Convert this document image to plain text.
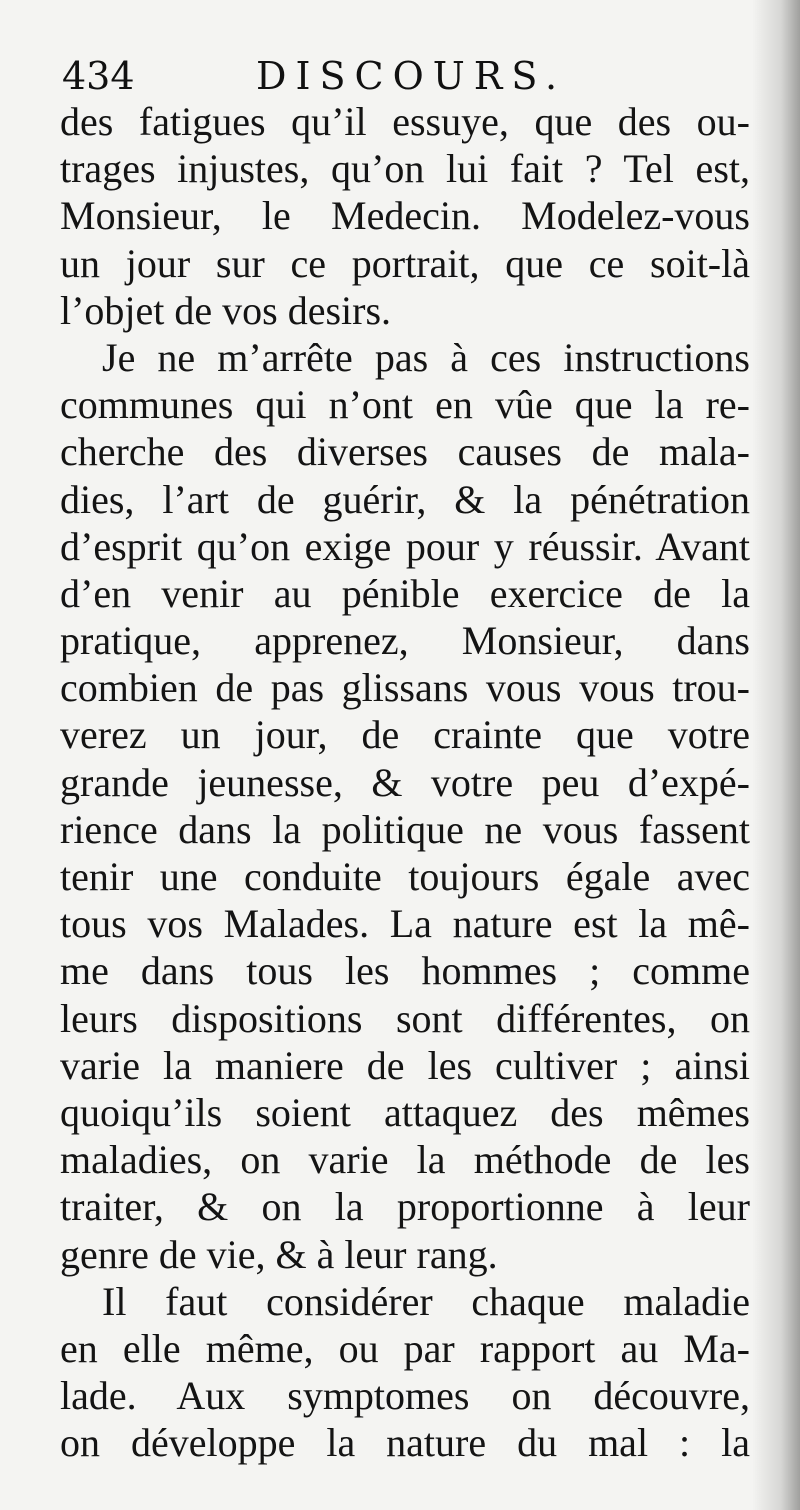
434	DISCOURS.
des fatigues qu’il essuye, que des ou-
trages injustes, qu’on lui fait ? Tel est,
Monsieur, le Medecin. Modelez-vous
un jour sur ce portrait, que ce soit-là
l’objet de vos desirs.
Je ne m’arrête pas à ces instructions
communes qui n’ont en vûe que la re-
cherche des diverses causes de mala-
dies, l’art de guérir, & la pénétration
d’esprit qu’on exige pour y réussir. Avant
d’en venir au pénible exercice de la
pratique, apprenez, Monsieur, dans
combien de pas glissans vous vous trou-
verez un jour, de crainte que votre
grande jeunesse, & votre peu d’expé-
rience dans la politique ne vous fassent
tenir une conduite toujours égale avec
tous vos Malades. La nature est la mê-
me dans tous les hommes ; comme
leurs dispositions sont différentes, on
varie la maniere de les cultiver ; ainsi
quoiqu’ils soient attaquez des mêmes
maladies, on varie la méthode de les
traiter, & on la proportionne à leur
genre de vie, & à leur rang.
Il faut considérer chaque maladie
en elle même, ou par rapport au Ma-
lade. Aux symptomes on découvre,
on développe la nature du mal : la
